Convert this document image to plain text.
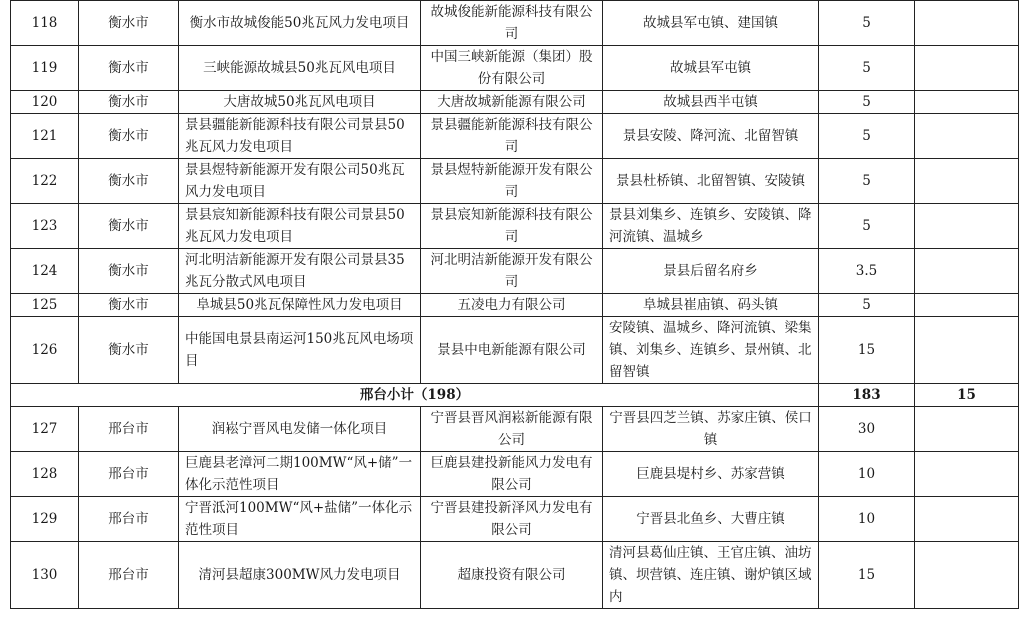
118	衡水市	衡水市故城俊能50兆瓦风力发电项目	故城俊能新能源科技有限公司	故城县军屯镇、建国镇	5	
119	衡水市	三峡能源故城县50兆瓦风电项目	中国三峡新能源（集团）股份有限公司	故城县军屯镇	5	
120	衡水市	大唐故城50兆瓦风电项目	大唐故城新能源有限公司	故城县西半屯镇	5	
121	衡水市	景县疆能新能源科技有限公司景县50兆瓦风力发电项目	景县疆能新能源科技有限公司	景县安陵、降河流、北留智镇	5	
122	衡水市	景县煜特新能源开发有限公司50兆瓦风力发电项目	景县煜特新能源开发有限公司	景县杜桥镇、北留智镇、安陵镇	5	
123	衡水市	景县宸知新能源科技有限公司景县50兆瓦风力发电项目	景县宸知新能源科技有限公司	景县刘集乡、连镇乡、安陵镇、降河流镇、温城乡	5	
124	衡水市	河北明洁新能源开发有限公司景县35兆瓦分散式风电项目	河北明洁新能源开发有限公司	景县后留名府乡	3.5	
125	衡水市	阜城县50兆瓦保障性风力发电项目	五凌电力有限公司	阜城县崔庙镇、码头镇	5	
126	衡水市	中能国电景县南运河150兆瓦风电场项目	景县中电新能源有限公司	安陵镇、温城乡、降河流镇、梁集镇、刘集乡、连镇乡、景州镇、北留智镇	15	
邢台小计（198）					183	15
127	邢台市	润崧宁晋风电发储一体化项目	宁晋县晋风润崧新能源有限公司	宁晋县四芝兰镇、苏家庄镇、侯口镇	30	
128	邢台市	巨鹿县老漳河二期100MW“风+储”一体化示范性项目	巨鹿县建投新能风力发电有限公司	巨鹿县堤村乡、苏家营镇	10	
129	邢台市	宁晋泜河100MW“风+盐储”一体化示范性项目	宁晋县建投新泽风力发电有限公司	宁晋县北鱼乡、大曹庄镇	10	
130	邢台市	清河县超康300MW风力发电项目	超康投资有限公司	清河县葛仙庄镇、王官庄镇、油坊镇、坝营镇、连庄镇、谢炉镇区域内	15	
